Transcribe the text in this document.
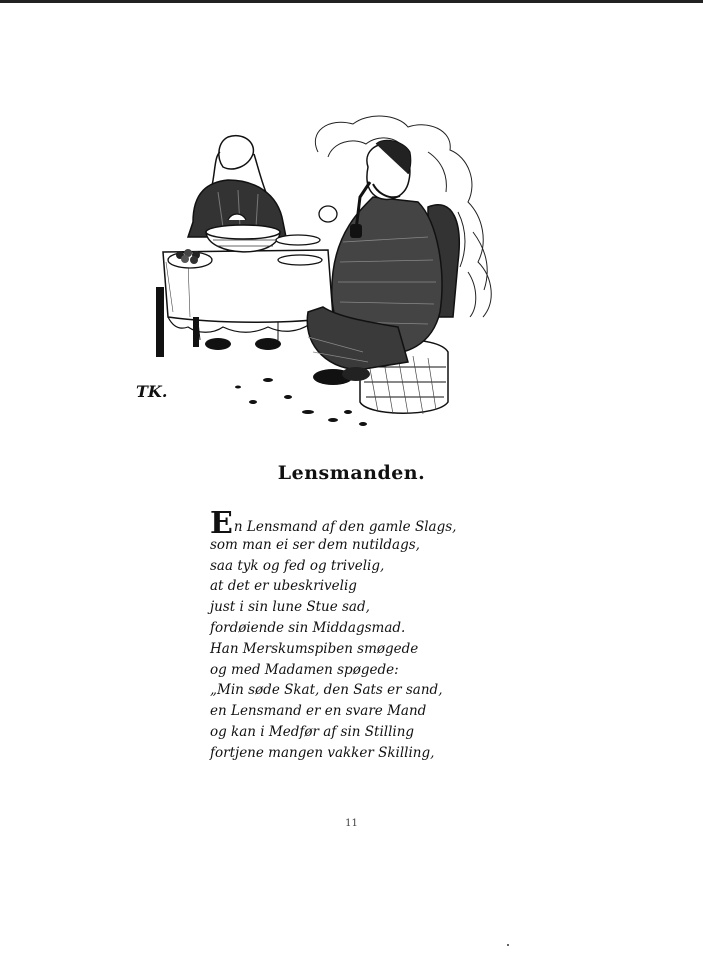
TK.
Lensmanden.
En Lensmand af den gamle Slags,
som man ei ser dem nutildags,
saa tyk og fed og trivelig,
at det er ubeskrivelig
just i sin lune Stue sad,
fordøiende sin Middagsmad.
Han Merskumspiben smøgede
og med Madamen spøgede:
„Min søde Skat, den Sats er sand,
en Lensmand er en svare Mand
og kan i Medfør af sin Stilling
fortjene mangen vakker Skilling,
11
